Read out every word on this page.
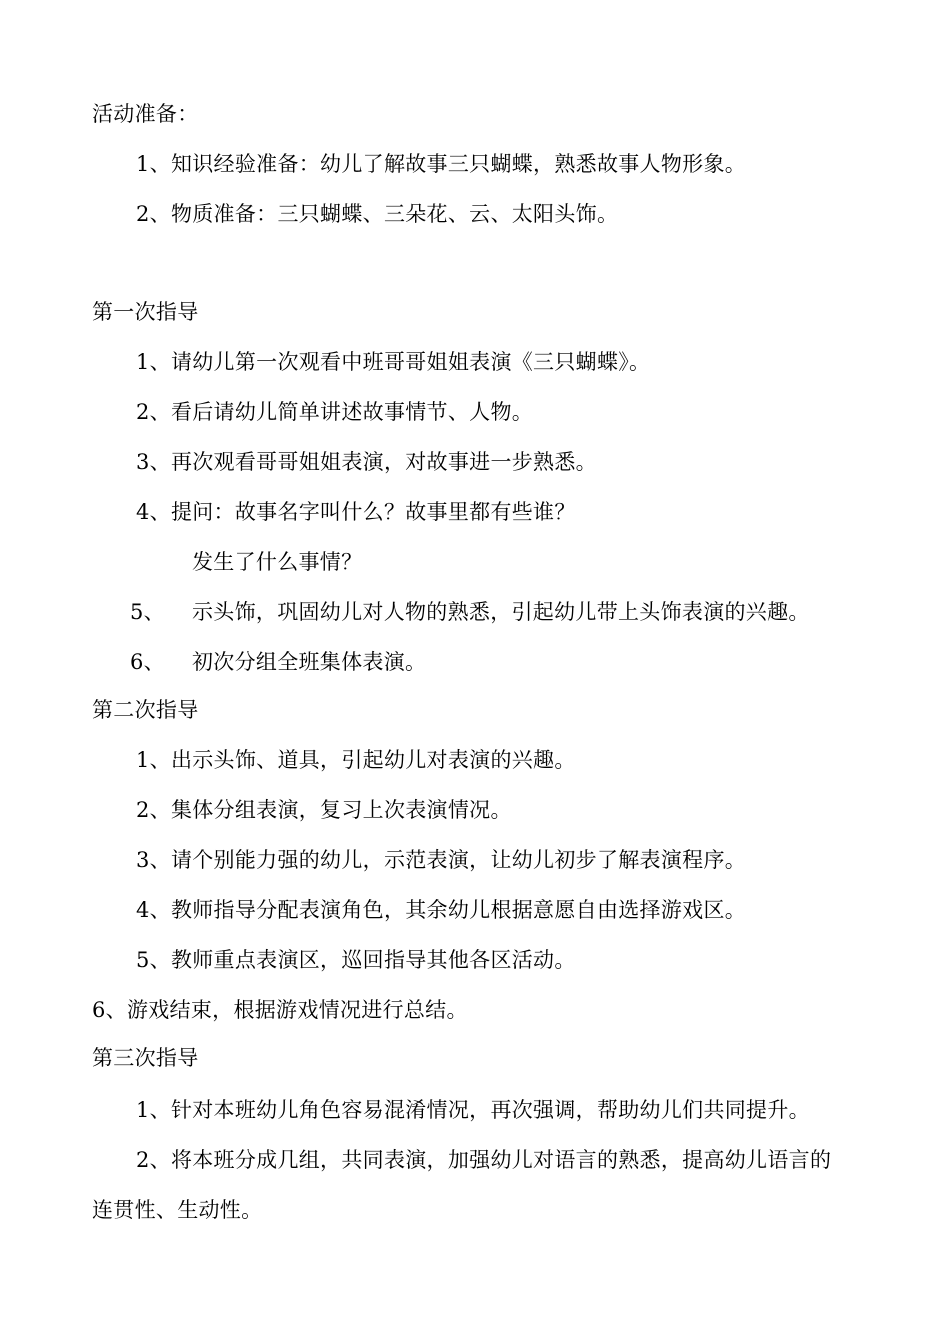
活动准备：
1、知识经验准备：幼儿了解故事三只蝴蝶，熟悉故事人物形象。
2、物质准备：三只蝴蝶、三朵花、云、太阳头饰。
第一次指导
1、请幼儿第一次观看中班哥哥姐姐表演《三只蝴蝶》。
2、看后请幼儿简单讲述故事情节、人物。
3、再次观看哥哥姐姐表演，对故事进一步熟悉。
4、提问：故事名字叫什么？故事里都有些谁？
发生了什么事情？
5、 示头饰，巩固幼儿对人物的熟悉，引起幼儿带上头饰表演的兴趣。
6、 初次分组全班集体表演。
第二次指导
1、出示头饰、道具，引起幼儿对表演的兴趣。
2、集体分组表演，复习上次表演情况。
3、请个别能力强的幼儿，示范表演，让幼儿初步了解表演程序。
4、教师指导分配表演角色，其余幼儿根据意愿自由选择游戏区。
5、教师重点表演区，巡回指导其他各区活动。
6、游戏结束，根据游戏情况进行总结。
第三次指导
1、针对本班幼儿角色容易混淆情况，再次强调，帮助幼儿们共同提升。
2、将本班分成几组，共同表演，加强幼儿对语言的熟悉，提高幼儿语言的
连贯性、生动性。
